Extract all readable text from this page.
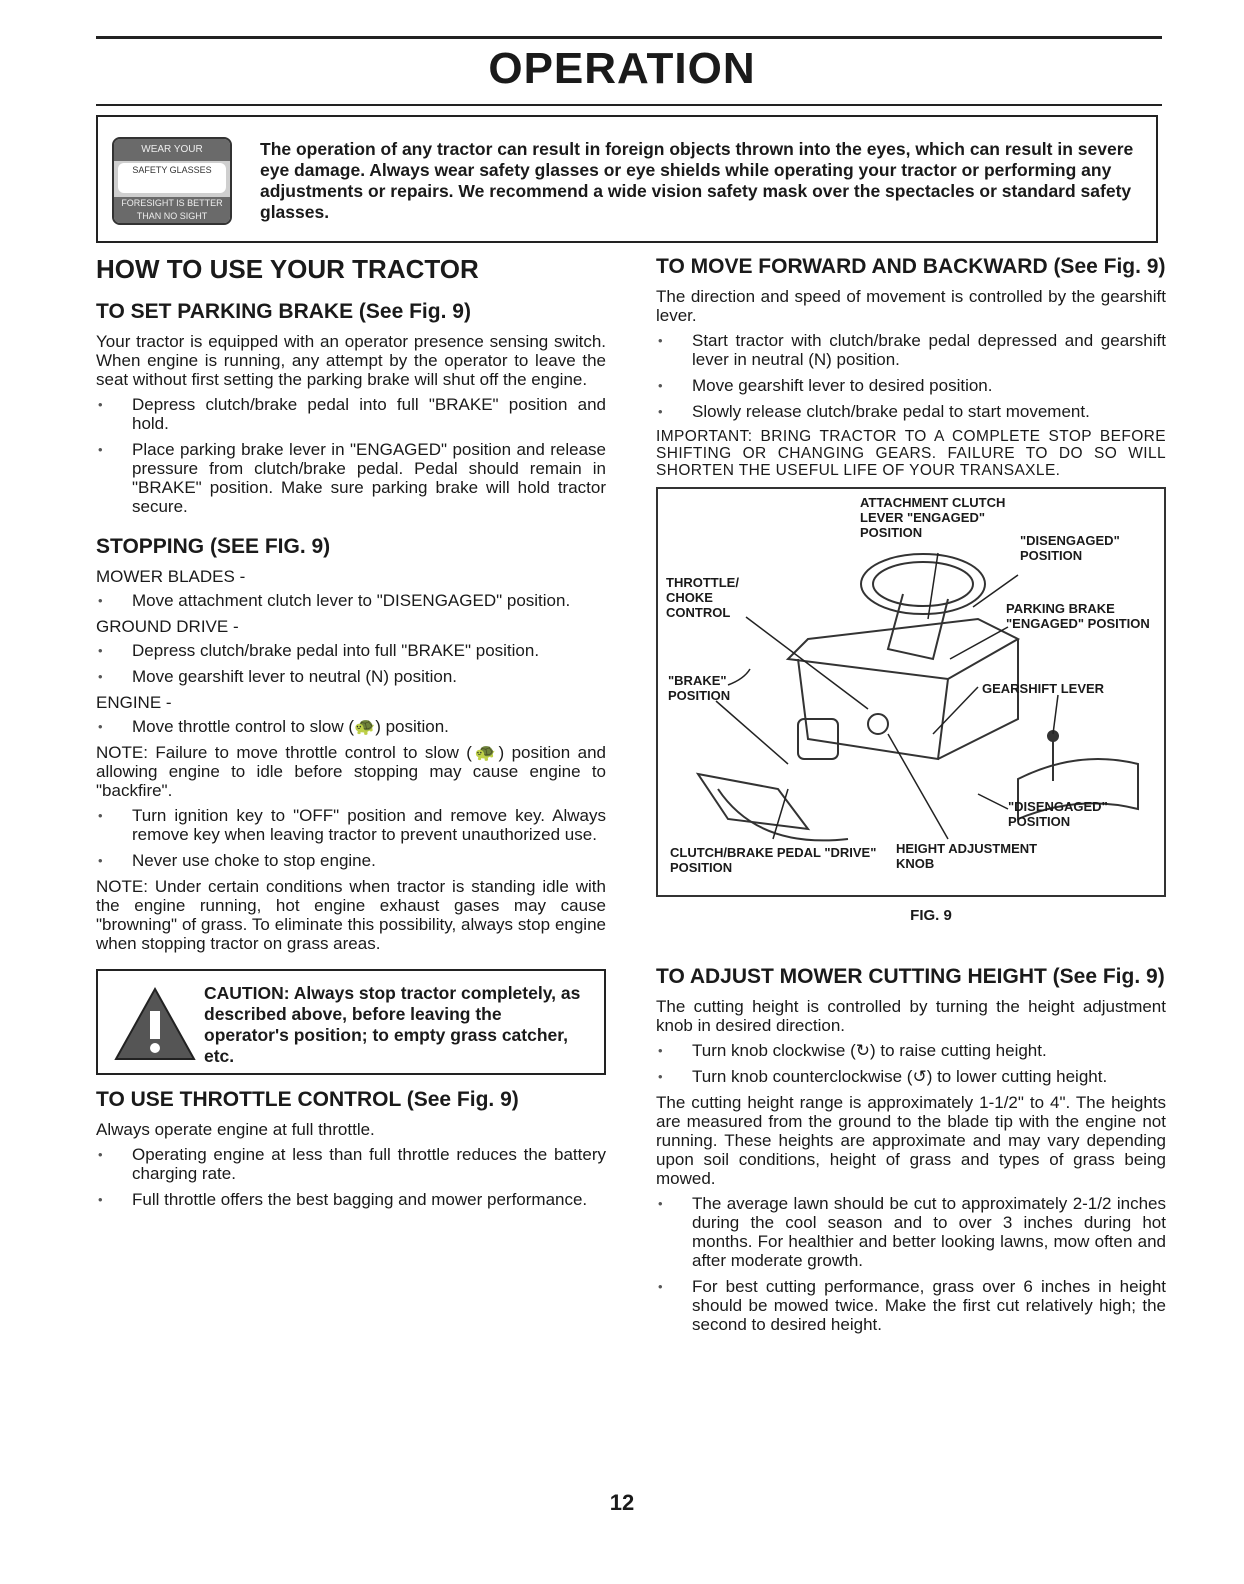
OPERATION
WEAR YOUR
SAFETY GLASSES
FORESIGHT IS BETTER THAN NO SIGHT
The operation of any tractor can result in foreign objects thrown into the eyes, which can result in severe eye damage. Always wear safety glasses or eye shields while operating your tractor or performing any adjustments or repairs. We recommend a wide vision safety mask over the spectacles or standard safety glasses.
HOW TO USE YOUR TRACTOR
TO SET PARKING BRAKE (See Fig. 9)

Your tractor is equipped with an operator presence sensing switch. When engine is running, any attempt by the operator to leave the seat without first setting the parking brake will shut off the engine.

• Depress clutch/brake pedal into full "BRAKE" position and hold.
• Place parking brake lever in "ENGAGED" position and release pressure from clutch/brake pedal. Pedal should remain in "BRAKE" position. Make sure parking brake will hold tractor secure.
STOPPING (SEE FIG. 9)
MOWER BLADES -
• Move attachment clutch lever to "DISENGAGED" position.
GROUND DRIVE -
• Depress clutch/brake pedal into full "BRAKE" position.
• Move gearshift lever to neutral (N) position.
ENGINE -
• Move throttle control to slow (🐢) position.

NOTE: Failure to move throttle control to slow (🐢) position and allowing engine to idle before stopping may cause engine to "backfire".

• Turn ignition key to "OFF" position and remove key. Always remove key when leaving tractor to prevent unauthorized use.
• Never use choke to stop engine.

NOTE: Under certain conditions when tractor is standing idle with the engine running, hot engine exhaust gases may cause "browning" of grass. To eliminate this possibility, always stop engine when stopping tractor on grass areas.

CAUTION: Always stop tractor completely, as described above, before leaving the operator's position; to empty grass catcher, etc.
TO USE THROTTLE CONTROL (See Fig. 9)

Always operate engine at full throttle.

• Operating engine at less than full throttle reduces the battery charging rate.
• Full throttle offers the best bagging and mower performance.
TO MOVE FORWARD AND BACKWARD (See Fig. 9)

The direction and speed of movement is controlled by the gearshift lever.

• Start tractor with clutch/brake pedal depressed and gearshift lever in neutral (N) position.
• Move gearshift lever to desired position.
• Slowly release clutch/brake pedal to start movement.

IMPORTANT: BRING TRACTOR TO A COMPLETE STOP BEFORE SHIFTING OR CHANGING GEARS. FAILURE TO DO SO WILL SHORTEN THE USEFUL LIFE OF YOUR TRANSAXLE.

ATTACHMENT CLUTCH LEVER "ENGAGED" POSITION
"DISENGAGED" POSITION
THROTTLE/ CHOKE CONTROL	PARKING BRAKE "ENGAGED" POSITION
"BRAKE" POSITION	GEARSHIFT LEVER
"DISENGAGED" POSITION
CLUTCH/BRAKE PEDAL "DRIVE" POSITION
HEIGHT ADJUSTMENT KNOB
FIG. 9
TO ADJUST MOWER CUTTING HEIGHT (See Fig. 9)

The cutting height is controlled by turning the height adjustment knob in desired direction.

• Turn knob clockwise (↻) to raise cutting height.
• Turn knob counterclockwise (↺) to lower cutting height.

The cutting height range is approximately 1-1/2" to 4". The heights are measured from the ground to the blade tip with the engine not running. These heights are approximate and may vary depending upon soil conditions, height of grass and types of grass being mowed.

• The average lawn should be cut to approximately 2-1/2 inches during the cool season and to over 3 inches during hot months. For healthier and better looking lawns, mow often and after moderate growth.
• For best cutting performance, grass over 6 inches in height should be mowed twice. Make the first cut relatively high; the second to desired height.
12
